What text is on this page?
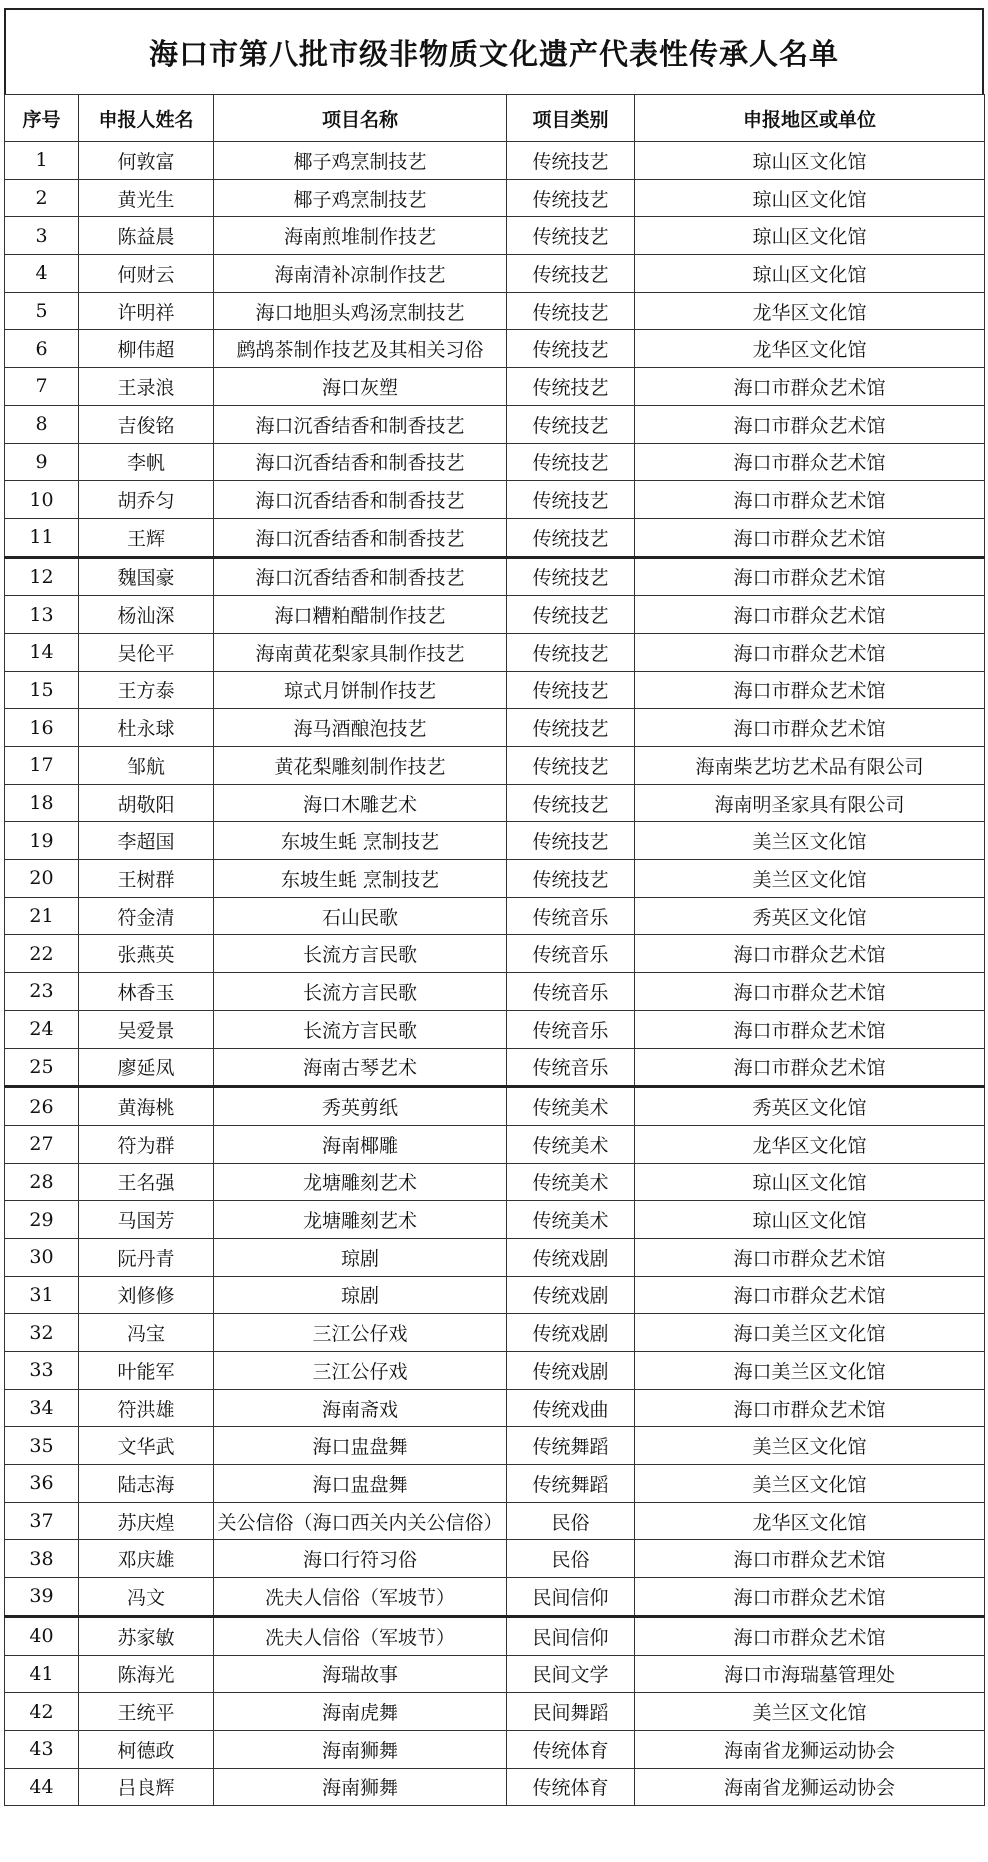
海口市第八批市级非物质文化遗产代表性传承人名单
序号	申报人姓名	项目名称	项目类别	申报地区或单位
1	何敦富	椰子鸡烹制技艺	传统技艺	琼山区文化馆
2	黄光生	椰子鸡烹制技艺	传统技艺	琼山区文化馆
3	陈益晨	海南煎堆制作技艺	传统技艺	琼山区文化馆
4	何财云	海南清补凉制作技艺	传统技艺	琼山区文化馆
5	许明祥	海口地胆头鸡汤烹制技艺	传统技艺	龙华区文化馆
6	柳伟超	鹧鸪茶制作技艺及其相关习俗	传统技艺	龙华区文化馆
7	王录浪	海口灰塑	传统技艺	海口市群众艺术馆
8	吉俊铭	海口沉香结香和制香技艺	传统技艺	海口市群众艺术馆
9	李帆	海口沉香结香和制香技艺	传统技艺	海口市群众艺术馆
10	胡乔匀	海口沉香结香和制香技艺	传统技艺	海口市群众艺术馆
11	王辉	海口沉香结香和制香技艺	传统技艺	海口市群众艺术馆
12	魏国豪	海口沉香结香和制香技艺	传统技艺	海口市群众艺术馆
13	杨汕深	海口糟粕醋制作技艺	传统技艺	海口市群众艺术馆
14	吴伦平	海南黄花梨家具制作技艺	传统技艺	海口市群众艺术馆
15	王方泰	琼式月饼制作技艺	传统技艺	海口市群众艺术馆
16	杜永球	海马酒酿泡技艺	传统技艺	海口市群众艺术馆
17	邹航	黄花梨雕刻制作技艺	传统技艺	海南柴艺坊艺术品有限公司
18	胡敬阳	海口木雕艺术	传统技艺	海南明圣家具有限公司
19	李超国	东坡生蚝 烹制技艺	传统技艺	美兰区文化馆
20	王树群	东坡生蚝 烹制技艺	传统技艺	美兰区文化馆
21	符金清	石山民歌	传统音乐	秀英区文化馆
22	张燕英	长流方言民歌	传统音乐	海口市群众艺术馆
23	林香玉	长流方言民歌	传统音乐	海口市群众艺术馆
24	吴爱景	长流方言民歌	传统音乐	海口市群众艺术馆
25	廖延凤	海南古琴艺术	传统音乐	海口市群众艺术馆
26	黄海桃	秀英剪纸	传统美术	秀英区文化馆
27	符为群	海南椰雕	传统美术	龙华区文化馆
28	王名强	龙塘雕刻艺术	传统美术	琼山区文化馆
29	马国芳	龙塘雕刻艺术	传统美术	琼山区文化馆
30	阮丹青	琼剧	传统戏剧	海口市群众艺术馆
31	刘修修	琼剧	传统戏剧	海口市群众艺术馆
32	冯宝	三江公仔戏	传统戏剧	海口美兰区文化馆
33	叶能军	三江公仔戏	传统戏剧	海口美兰区文化馆
34	符洪雄	海南斋戏	传统戏曲	海口市群众艺术馆
35	文华武	海口盅盘舞	传统舞蹈	美兰区文化馆
36	陆志海	海口盅盘舞	传统舞蹈	美兰区文化馆
37	苏庆煌	关公信俗（海口西关内关公信俗）	民俗	龙华区文化馆
38	邓庆雄	海口行符习俗	民俗	海口市群众艺术馆
39	冯文	冼夫人信俗（军坡节）	民间信仰	海口市群众艺术馆
40	苏家敏	冼夫人信俗（军坡节）	民间信仰	海口市群众艺术馆
41	陈海光	海瑞故事	民间文学	海口市海瑞墓管理处
42	王统平	海南虎舞	民间舞蹈	美兰区文化馆
43	柯德政	海南狮舞	传统体育	海南省龙狮运动协会
44	吕良辉	海南狮舞	传统体育	海南省龙狮运动协会
